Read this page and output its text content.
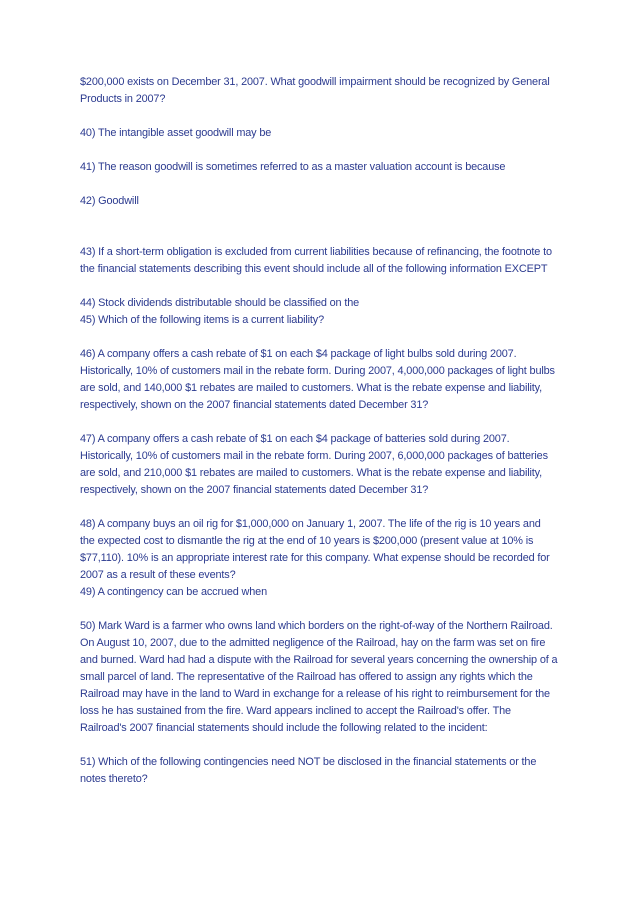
$200,000 exists on December 31, 2007. What goodwill impairment should be recognized by General Products in 2007?

40) The intangible asset goodwill may be

41) The reason goodwill is sometimes referred to as a master valuation account is because

42) Goodwill

43) If a short-term obligation is excluded from current liabilities because of refinancing, the footnote to the financial statements describing this event should include all of the following information EXCEPT

44) Stock dividends distributable should be classified on the

45) Which of the following items is a current liability?

46) A company offers a cash rebate of $1 on each $4 package of light bulbs sold during 2007. Historically, 10% of customers mail in the rebate form. During 2007, 4,000,000 packages of light bulbs are sold, and 140,000 $1 rebates are mailed to customers. What is the rebate expense and liability, respectively, shown on the 2007 financial statements dated December 31?

47) A company offers a cash rebate of $1 on each $4 package of batteries sold during 2007. Historically, 10% of customers mail in the rebate form. During 2007, 6,000,000 packages of batteries are sold, and 210,000 $1 rebates are mailed to customers. What is the rebate expense and liability, respectively, shown on the 2007 financial statements dated December 31?

48) A company buys an oil rig for $1,000,000 on January 1, 2007. The life of the rig is 10 years and the expected cost to dismantle the rig at the end of 10 years is $200,000 (present value at 10% is $77,110). 10% is an appropriate interest rate for this company. What expense should be recorded for 2007 as a result of these events?

49) A contingency can be accrued when

50) Mark Ward is a farmer who owns land which borders on the right-of-way of the Northern Railroad. On August 10, 2007, due to the admitted negligence of the Railroad, hay on the farm was set on fire and burned. Ward had had a dispute with the Railroad for several years concerning the ownership of a small parcel of land. The representative of the Railroad has offered to assign any rights which the Railroad may have in the land to Ward in exchange for a release of his right to reimbursement for the loss he has sustained from the fire. Ward appears inclined to accept the Railroad's offer. The Railroad's 2007 financial statements should include the following related to the incident:

51) Which of the following contingencies need NOT be disclosed in the financial statements or the notes thereto?
